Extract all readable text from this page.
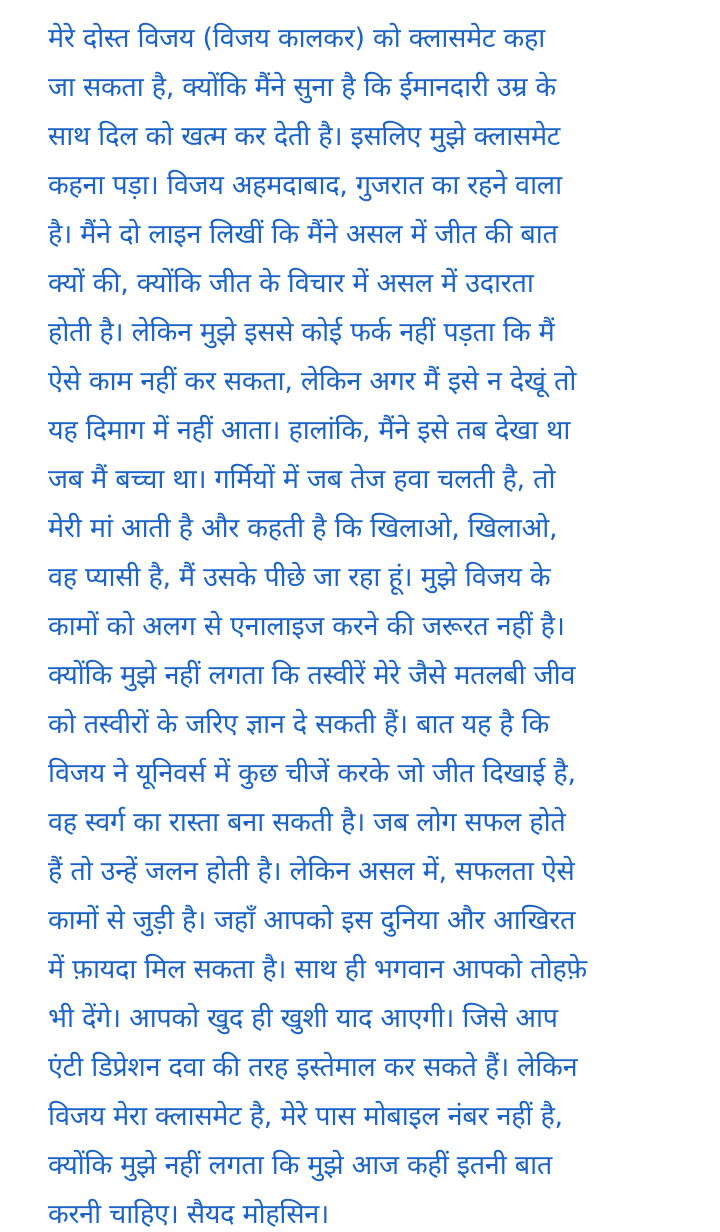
मेरे दोस्त विजय (विजय कालकर) को क्लासमेट कहा
जा सकता है, क्योंकि मैंने सुना है कि ईमानदारी उम्र के
साथ दिल को खत्म कर देती है। इसलिए मुझे क्लासमेट
कहना पड़ा। विजय अहमदाबाद, गुजरात का रहने वाला
है। मैंने दो लाइन लिखीं कि मैंने असल में जीत की बात
क्यों की, क्योंकि जीत के विचार में असल में उदारता
होती है। लेकिन मुझे इससे कोई फर्क नहीं पड़ता कि मैं
ऐसे काम नहीं कर सकता, लेकिन अगर मैं इसे न देखूं तो
यह दिमाग में नहीं आता। हालांकि, मैंने इसे तब देखा था
जब मैं बच्चा था। गर्मियों में जब तेज हवा चलती है, तो
मेरी मां आती है और कहती है कि खिलाओ, खिलाओ,
वह प्यासी है, मैं उसके पीछे जा रहा हूं। मुझे विजय के
कामों को अलग से एनालाइज करने की जरूरत नहीं है।
क्योंकि मुझे नहीं लगता कि तस्वीरें मेरे जैसे मतलबी जीव
को तस्वीरों के जरिए ज्ञान दे सकती हैं। बात यह है कि
विजय ने यूनिवर्स में कुछ चीजें करके जो जीत दिखाई है,
वह स्वर्ग का रास्ता बना सकती है। जब लोग सफल होते
हैं तो उन्हें जलन होती है। लेकिन असल में, सफलता ऐसे
कामों से जुड़ी है। जहाँ आपको इस दुनिया और आखिरत
में फ़ायदा मिल सकता है। साथ ही भगवान आपको तोहफ़े
भी देंगे। आपको खुद ही खुशी याद आएगी। जिसे आप
एंटी डिप्रेशन दवा की तरह इस्तेमाल कर सकते हैं। लेकिन
विजय मेरा क्लासमेट है, मेरे पास मोबाइल नंबर नहीं है,
क्योंकि मुझे नहीं लगता कि मुझे आज कहीं इतनी बात
करनी चाहिए। सैयद मोहसिन।
